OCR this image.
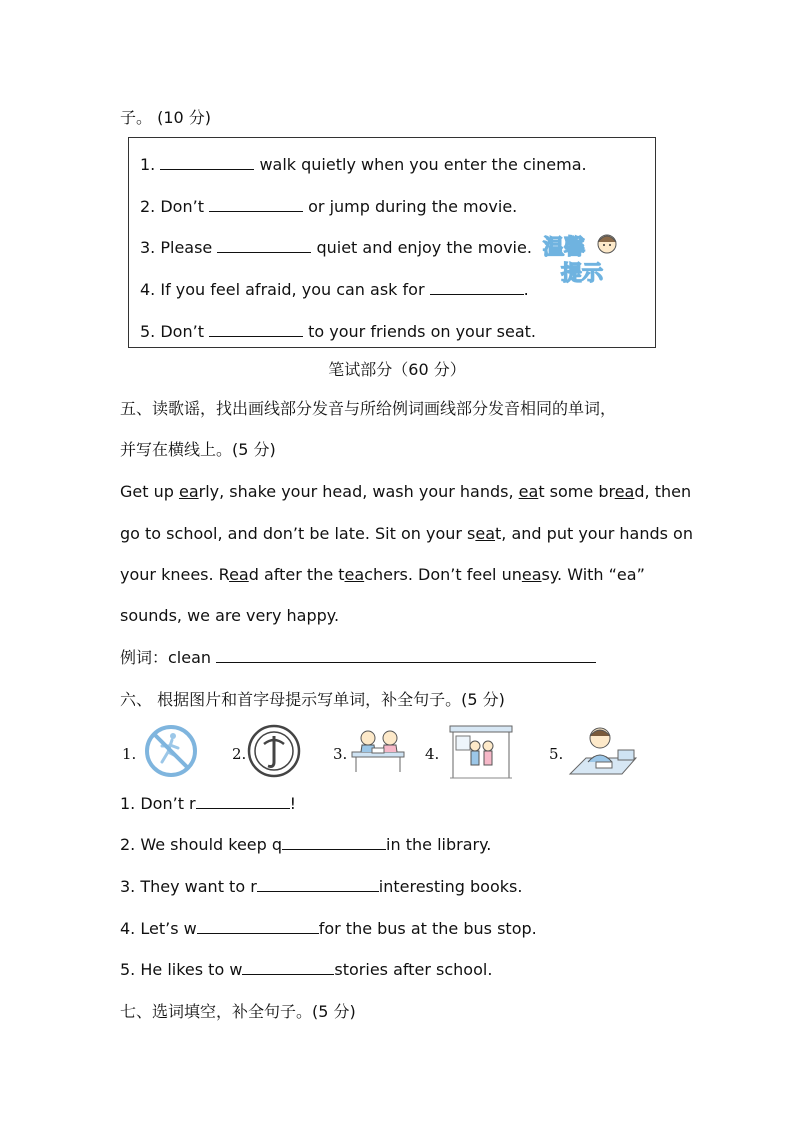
子。 (10 分)
1.	walk quietly when you enter the cinema.
2. Don’t	or jump during the movie.
3. Please	quiet and enjoy the movie.
4. If you feel afraid, you can ask for	.
5. Don’t	to your friends on your seat.
温馨
提示
笔试部分（60 分）
五、读歌谣，找出画线部分发音与所给例词画线部分发音相同的单词，
并写在横线上。(5 分)
Get up early, shake your head, wash your hands, eat some bread, then
go to school, and don’t be late. Sit on your seat, and put your hands on
your knees. Read after the teachers. Don’t feel uneasy. With “ea”
sounds, we are very happy.
例词：clean
六、 根据图片和首字母提示写单词，补全句子。(5 分)
1.	2.	3.	4.	5.
1. Don’t r	!
2. We should keep q	in the library.
3. They want to r	interesting books.
4. Let’s w	for the bus at the bus stop.
5. He likes to w	stories after school.
七、选词填空，补全句子。(5 分)
